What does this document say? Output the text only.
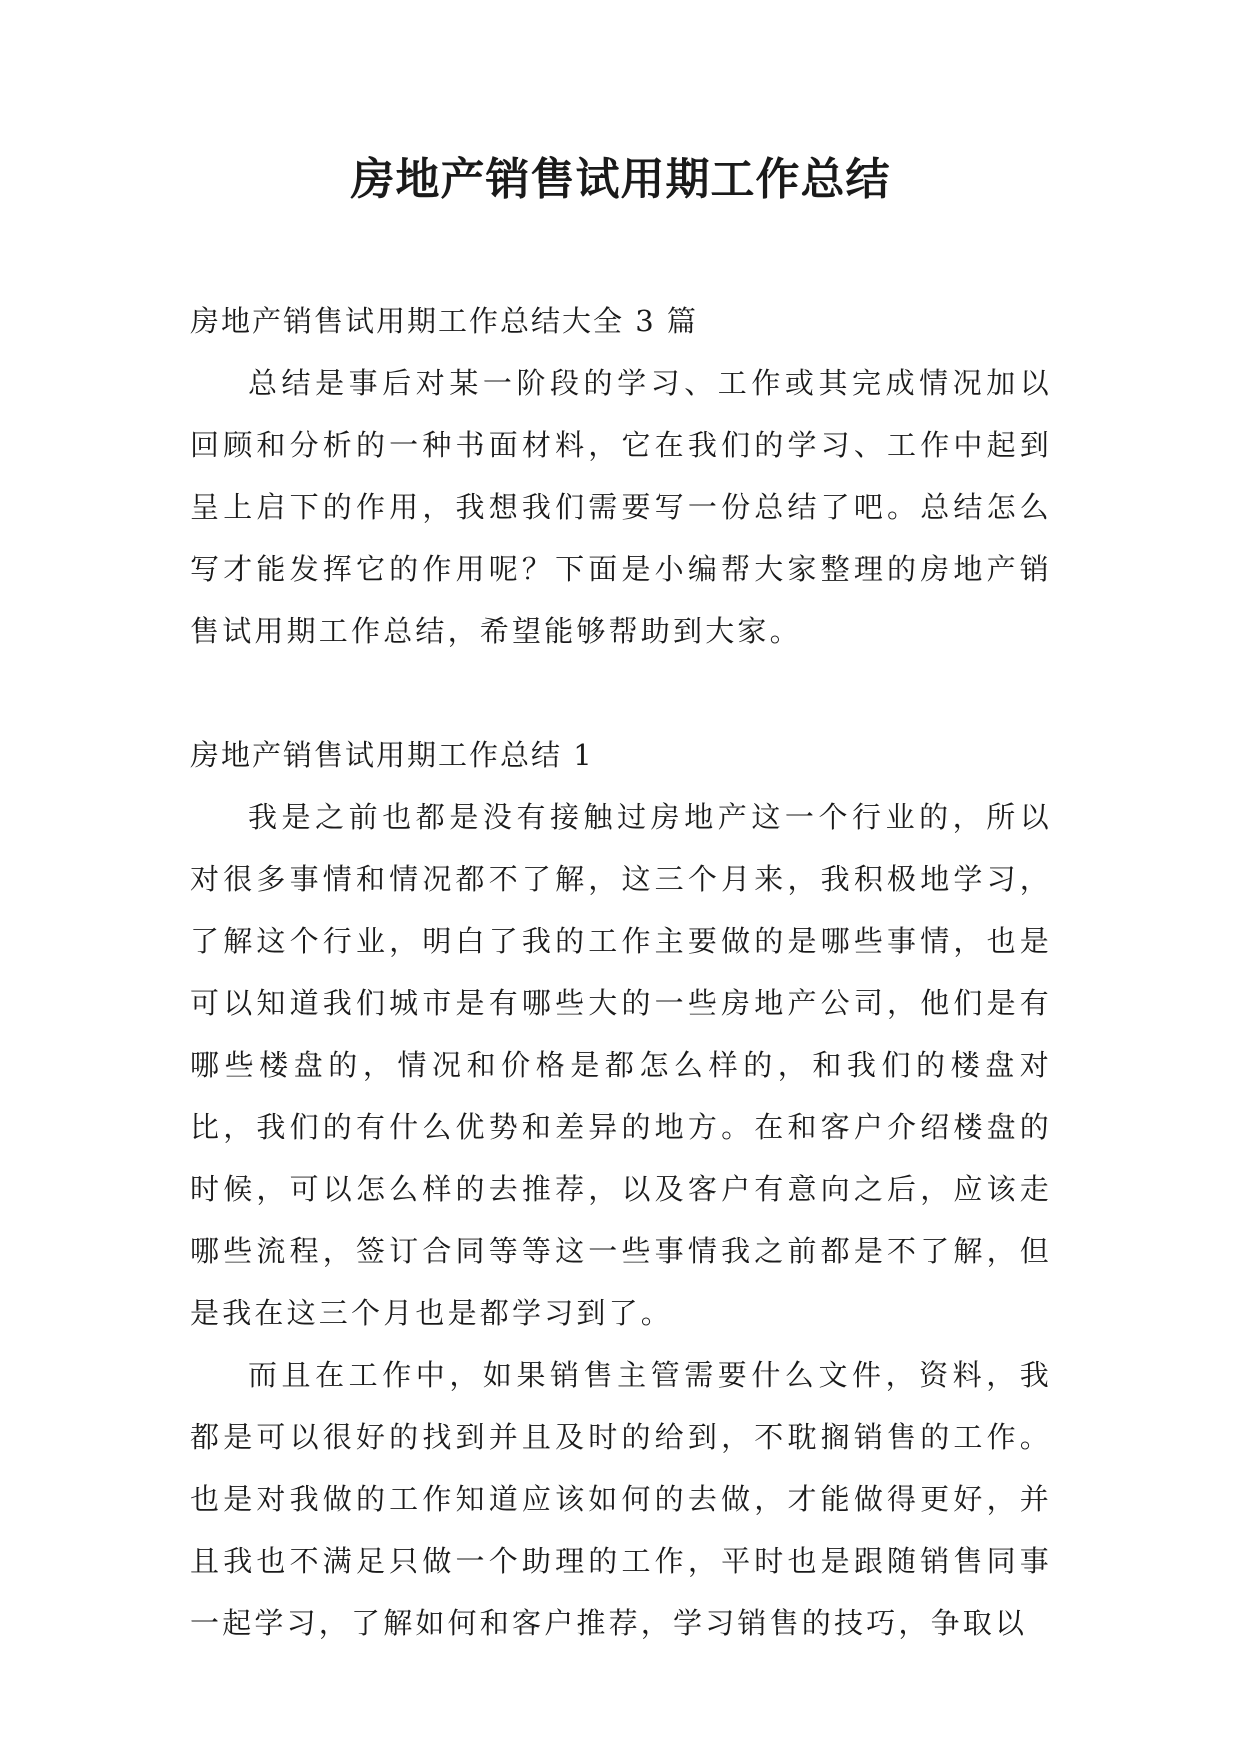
房地产销售试用期工作总结

房地产销售试用期工作总结大全 3 篇

总结是事后对某一阶段的学习、工作或其完成情况加以回顾和分析的一种书面材料，它在我们的学习、工作中起到呈上启下的作用，我想我们需要写一份总结了吧。总结怎么写才能发挥它的作用呢？下面是小编帮大家整理的房地产销售试用期工作总结，希望能够帮助到大家。

房地产销售试用期工作总结 1

我是之前也都是没有接触过房地产这一个行业的，所以对很多事情和情况都不了解，这三个月来，我积极地学习，了解这个行业，明白了我的工作主要做的是哪些事情，也是可以知道我们城市是有哪些大的一些房地产公司，他们是有哪些楼盘的，情况和价格是都怎么样的，和我们的楼盘对比，我们的有什么优势和差异的地方。在和客户介绍楼盘的时候，可以怎么样的去推荐，以及客户有意向之后，应该走哪些流程，签订合同等等这一些事情我之前都是不了解，但是我在这三个月也是都学习到了。

而且在工作中，如果销售主管需要什么文件，资料，我都是可以很好的找到并且及时的给到，不耽搁销售的工作。也是对我做的工作知道应该如何的去做，才能做得更好，并且我也不满足只做一个助理的工作，平时也是跟随销售同事一起学习，了解如何和客户推荐，学习销售的技巧，争取以
